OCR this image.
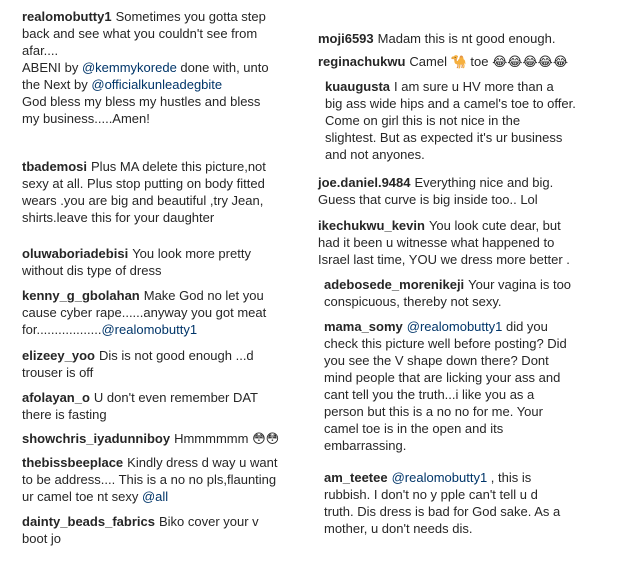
realomobutty1 Sometimes you gotta step
back and see what you couldn't see from
afar....
ABENI by @kemmykorede done with, unto
the Next by @officialkunleadegbite
God bless my bless my hustles and bless
my business.....Amen!
tbademosi Plus MA delete this picture,not
sexy at all. Plus stop putting on body fitted
wears .you are big and beautiful ,try Jean,
shirts.leave this for your daughter
oluwaboriadebisi You look more pretty
without dis type of dress
kenny_g_gbolahan Make God no let you
cause cyber rape......anyway you got meat
for..................@realomobutty1
elizeey_yoo Dis is not good enough ...d
trouser is off
afolayan_o U don't even remember DAT
there is fasting
showchris_iyadunniboy Hmmmmmm 😳😳
thebissbeeplace Kindly dress d way u want
to be address.... This is a no no pls,flaunting
ur camel toe nt sexy @all
dainty_beads_fabrics Biko cover your v
boot jo
moji6593 Madam this is nt good enough.
reginachukwu Camel 🐪 toe 😂😂😂😂😂
kuaugusta I am sure u HV more than a
big ass wide hips and a camel's toe to offer.
Come on girl this is not nice in the
slightest. But as expected it's ur business
and not anyones.
joe.daniel.9484 Everything nice and big.
Guess that curve is big inside too.. Lol
ikechukwu_kevin You look cute dear, but
had it been u witnesse what happened to
Israel last time, YOU we dress more better .
adebosede_morenikeji Your vagina is too
conspicuous, thereby not sexy.
mama_somy @realomobutty1 did you
check this picture well before posting? Did
you see the V shape down there? Dont
mind people that are licking your ass and
cant tell you the truth...i like you as a
person but this is a no no for me. Your
camel toe is in the open and its
embarrassing.
am_teetee @realomobutty1 , this is
rubbish. I don't no y pple can't tell u d
truth. Dis dress is bad for God sake. As a
mother, u don't needs dis.
